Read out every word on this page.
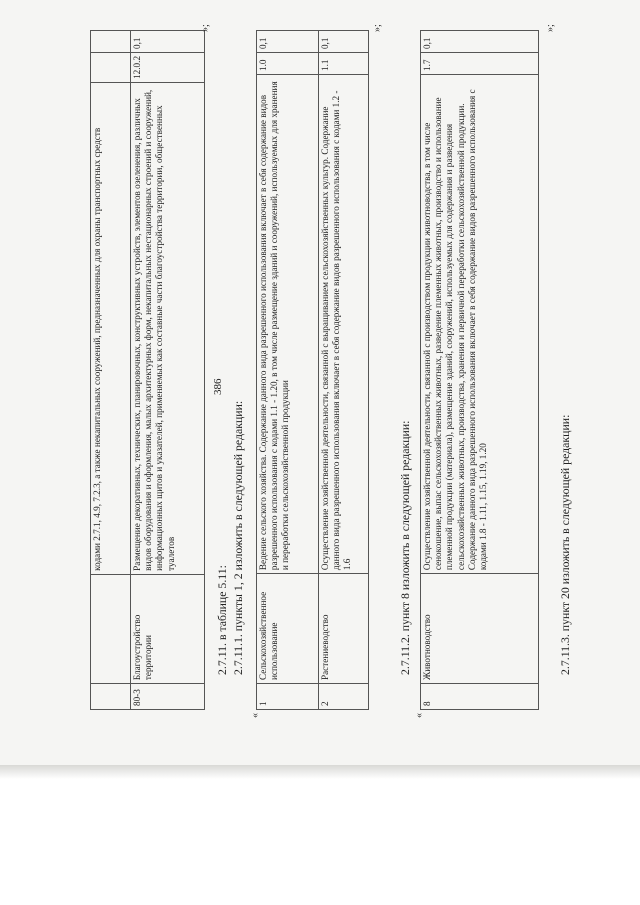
386
		кодами 2.7.1, 4.9, 7.2.3, а также некапитальных сооружений, предназначенных для охраны транспортных средств		
80-3	Благоустройство территории	Размещение декоративных, технических, планировочных, конструктивных устройств, элементов озеленения, различных видов оборудования и оформления, малых архитектурных форм, некапитальных нестационарных строений и сооружений, информационных щитов и указателей, применяемых как составные части благоустройства территории, общественных туалетов	12.0.2	0,1
»;
2.7.11. в таблице 5.11: 2.7.11.1. пункты 1, 2 изложить в следующей редакции:
«
1	Сельскохозяйственное использование	Ведение сельского хозяйства. Содержание данного вида разрешенного использования включает в себя содержание видов разрешенного использования с кодами 1.1 - 1.20, в том числе размещение зданий и сооружений, используемых для хранения и переработки сельскохозяйственной продукции	1.0	0,1
2	Растениеводство	Осуществление хозяйственной деятельности, связанной с выращиванием сельскохозяйственных культур. Содержание данного вида разрешенного использования включает в себя содержание видов разрешенного использования с кодами 1.2 - 1.6	1.1	0,1
»;
2.7.11.2. пункт 8 изложить в следующей редакции:
«
8	Животноводство	Осуществление хозяйственной деятельности, связанной с производством продукции животноводства, в том числе сенокошение, выпас сельскохозяйственных животных, разведение племенных животных, производство и использование племенной продукции (материала), размещение зданий, сооружений, используемых для содержания и разведения сельскохозяйственных животных, производства, хранения и первичной переработки сельскохозяйственной продукции. Содержание данного вида разрешенного использования включает в себя содержание видов разрешенного использования с кодами 1.8 - 1.11, 1.15, 1.19, 1.20	1.7	0,1
»;
2.7.11.3. пункт 20 изложить в следующей редакции:
